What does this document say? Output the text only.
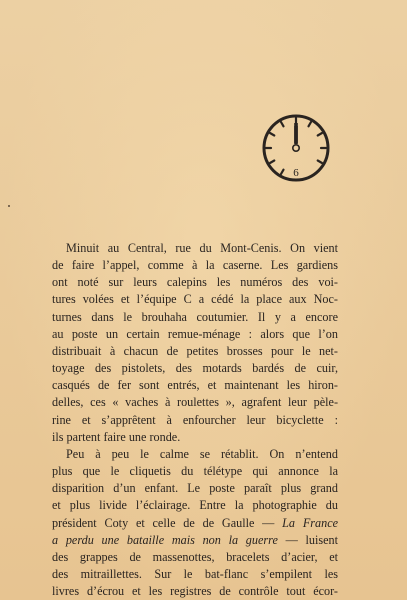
6
Minuit au Central, rue du Mont-Cenis. On vient
de faire l’appel, comme à la caserne. Les gardiens
ont noté sur leurs calepins les numéros des voi-
tures volées et l’équipe C a cédé la place aux Noc-
turnes dans le brouhaha coutumier. Il y a encore
au poste un certain remue-ménage : alors que l’on
distribuait à chacun de petites brosses pour le net-
toyage des pistolets, des motards bardés de cuir,
casqués de fer sont entrés, et maintenant les hiron-
delles, ces « vaches à roulettes », agrafent leur pèle-
rine et s’apprêtent à enfourcher leur bicyclette :
ils partent faire une ronde.
Peu à peu le calme se rétablit. On n’entend
plus que le cliquetis du télétype qui annonce la
disparition d’un enfant. Le poste paraît plus grand
et plus livide l’éclairage. Entre la photographie du
président Coty et celle de de Gaulle — La France
a perdu une bataille mais non la guerre — luisent
des grappes de massenottes, bracelets d’acier, et
des mitraillettes. Sur le bat-flanc s’empilent les
livres d’écrou et les registres de contrôle tout écor-
